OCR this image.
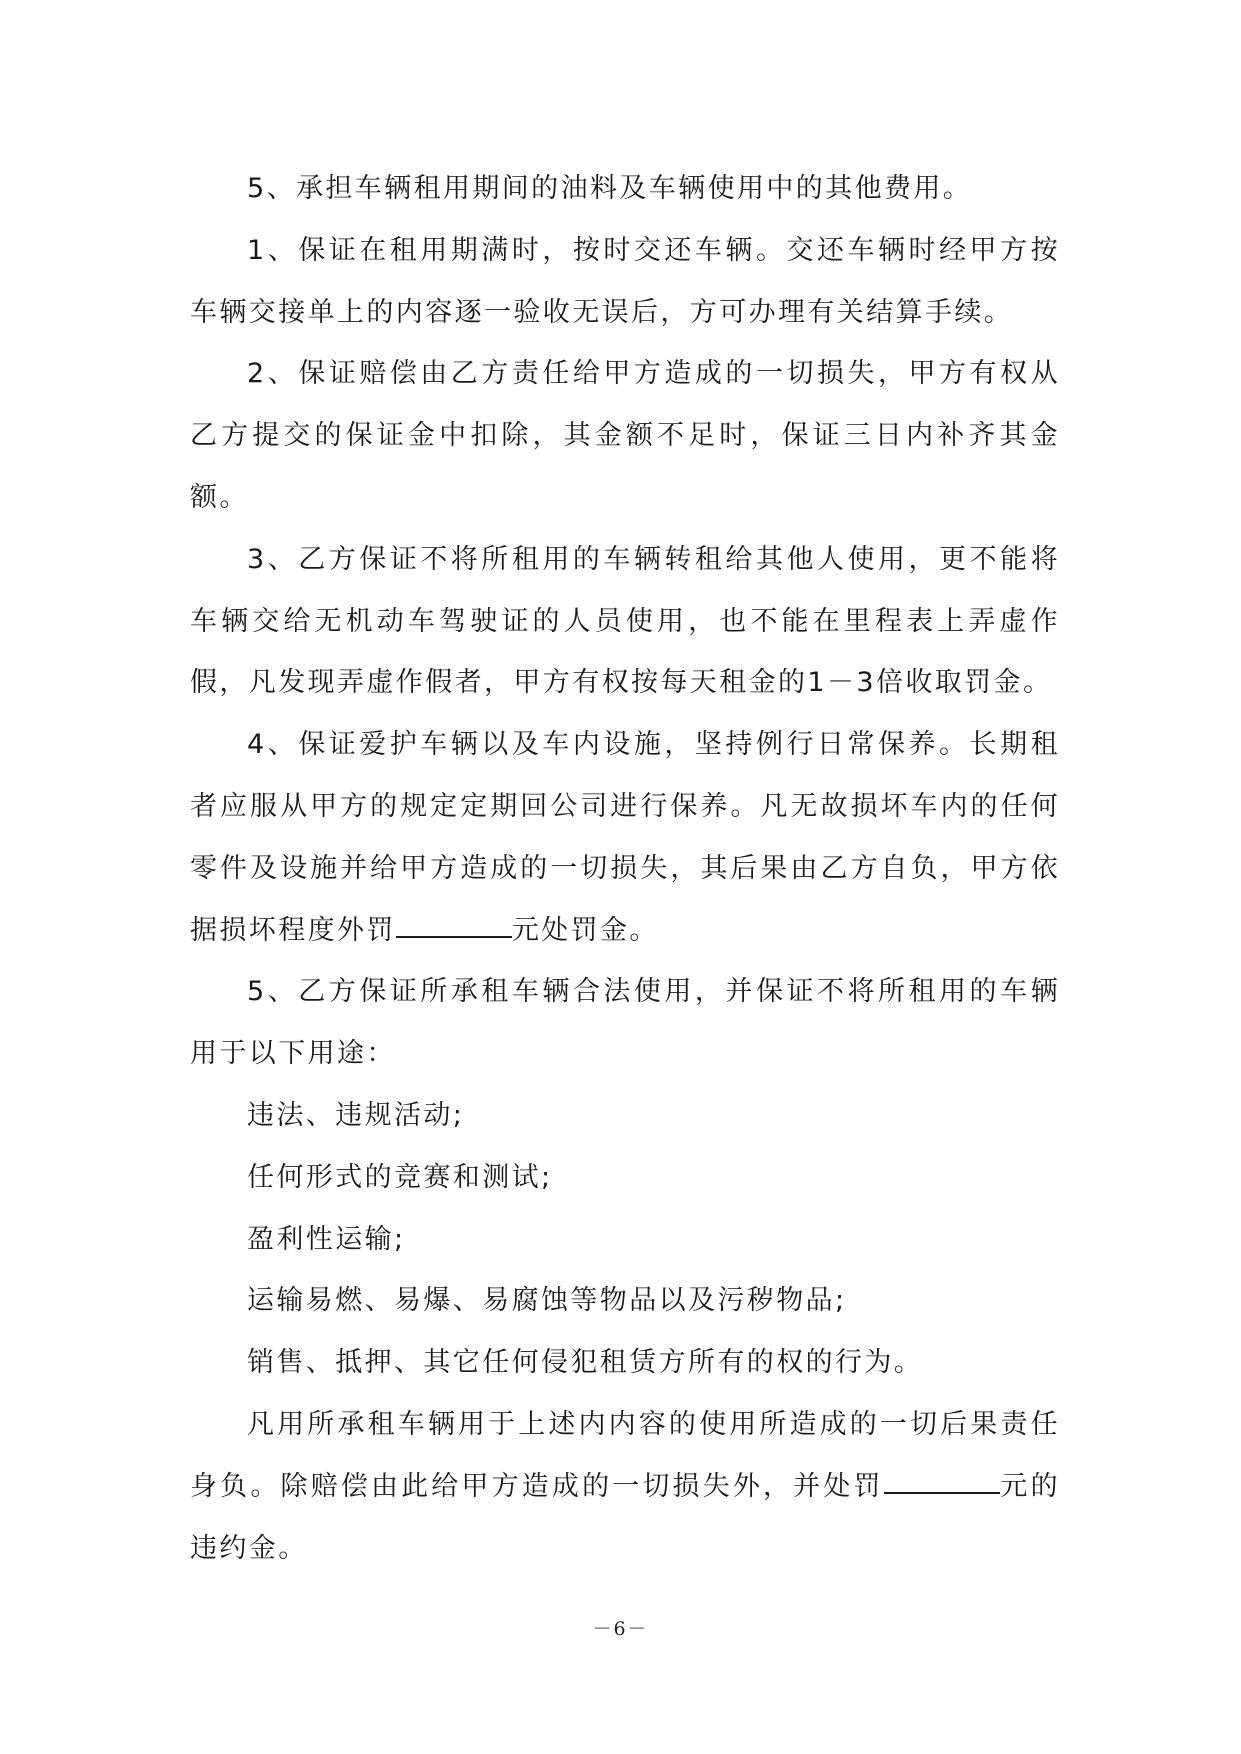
5、承担车辆租用期间的油料及车辆使用中的其他费用。

1、保证在租用期满时，按时交还车辆。交还车辆时经甲方按车辆交接单上的内容逐一验收无误后，方可办理有关结算手续。

2、保证赔偿由乙方责任给甲方造成的一切损失，甲方有权从乙方提交的保证金中扣除，其金额不足时，保证三日内补齐其金额。

3、乙方保证不将所租用的车辆转租给其他人使用，更不能将车辆交给无机动车驾驶证的人员使用，也不能在里程表上弄虚作假，凡发现弄虚作假者，甲方有权按每天租金的1－3倍收取罚金。

4、保证爱护车辆以及车内设施，坚持例行日常保养。长期租者应服从甲方的规定定期回公司进行保养。凡无故损坏车内的任何零件及设施并给甲方造成的一切损失，其后果由乙方自负，甲方依据损坏程度外罚	元处罚金。

5、乙方保证所承租车辆合法使用，并保证不将所租用的车辆用于以下用途：

违法、违规活动;

任何形式的竞赛和测试;

盈利性运输;

运输易燃、易爆、易腐蚀等物品以及污秽物品;

销售、抵押、其它任何侵犯租赁方所有的权的行为。

凡用所承租车辆用于上述内内容的使用所造成的一切后果责任身负。除赔偿由此给甲方造成的一切损失外，并处罚	元的违约金。

－6－
